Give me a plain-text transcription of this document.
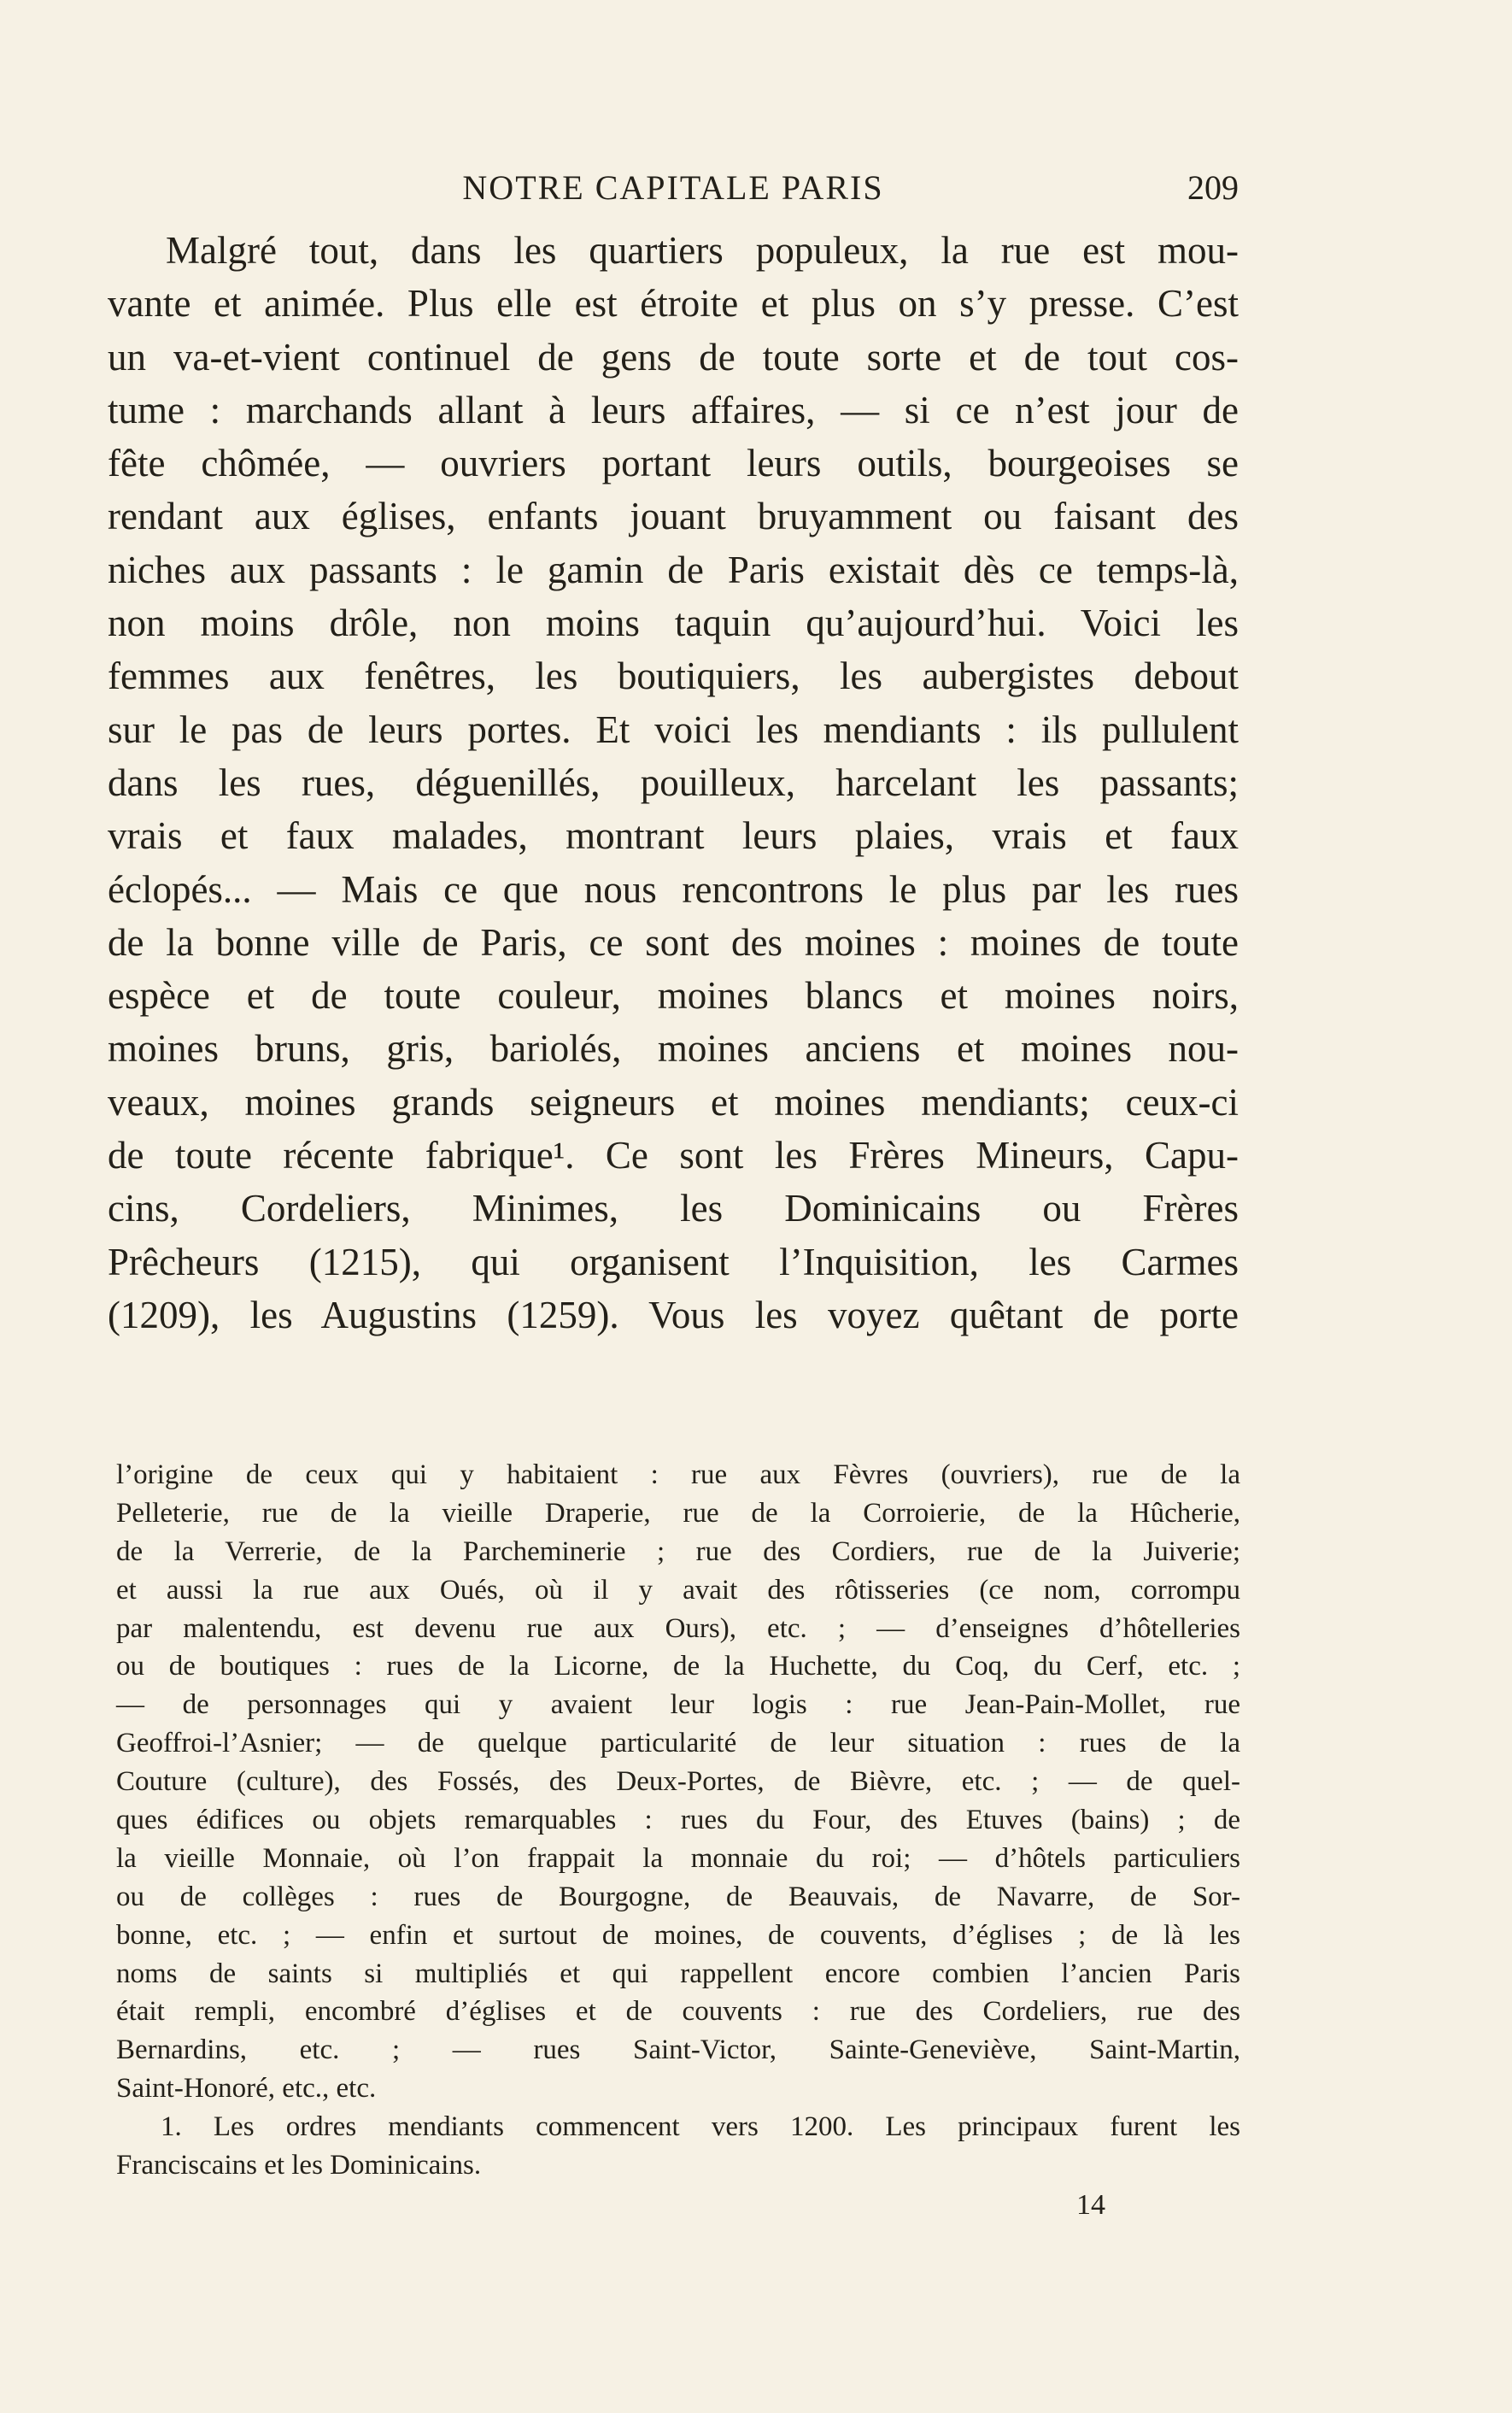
NOTRE CAPITALE PARIS	209
Malgré tout, dans les quartiers populeux, la rue est mou-
vante et animée. Plus elle est étroite et plus on s’y presse. C’est
un va-et-vient continuel de gens de toute sorte et de tout cos-
tume : marchands allant à leurs affaires, — si ce n’est jour de
fête chômée, — ouvriers portant leurs outils, bourgeoises se
rendant aux églises, enfants jouant bruyamment ou faisant des
niches aux passants : le gamin de Paris existait dès ce temps-là,
non moins drôle, non moins taquin qu’aujourd’hui. Voici les
femmes aux fenêtres, les boutiquiers, les aubergistes debout
sur le pas de leurs portes. Et voici les mendiants : ils pullulent
dans les rues, déguenillés, pouilleux, harcelant les passants;
vrais et faux malades, montrant leurs plaies, vrais et faux
éclopés... — Mais ce que nous rencontrons le plus par les rues
de la bonne ville de Paris, ce sont des moines : moines de toute
espèce et de toute couleur, moines blancs et moines noirs,
moines bruns, gris, bariolés, moines anciens et moines nou-
veaux, moines grands seigneurs et moines mendiants; ceux-ci
de toute récente fabrique¹. Ce sont les Frères Mineurs, Capu-
cins, Cordeliers, Minimes, les Dominicains ou Frères
Prêcheurs (1215), qui organisent l’Inquisition, les Carmes
(1209), les Augustins (1259). Vous les voyez quêtant de porte
l’origine de ceux qui y habitaient : rue aux Fèvres (ouvriers), rue de la
Pelleterie, rue de la vieille Draperie, rue de la Corroierie, de la Hûcherie,
de la Verrerie, de la Parcheminerie ; rue des Cordiers, rue de la Juiverie;
et aussi la rue aux Oués, où il y avait des rôtisseries (ce nom, corrompu
par malentendu, est devenu rue aux Ours), etc. ; — d’enseignes d’hôtelleries
ou de boutiques : rues de la Licorne, de la Huchette, du Coq, du Cerf, etc. ;
— de personnages qui y avaient leur logis : rue Jean-Pain-Mollet, rue
Geoffroi-l’Asnier; — de quelque particularité de leur situation : rues de la
Couture (culture), des Fossés, des Deux-Portes, de Bièvre, etc. ; — de quel-
ques édifices ou objets remarquables : rues du Four, des Etuves (bains) ; de
la vieille Monnaie, où l’on frappait la monnaie du roi; — d’hôtels particuliers
ou de collèges : rues de Bourgogne, de Beauvais, de Navarre, de Sor-
bonne, etc. ; — enfin et surtout de moines, de couvents, d’églises ; de là les
noms de saints si multipliés et qui rappellent encore combien l’ancien Paris
était rempli, encombré d’églises et de couvents : rue des Cordeliers, rue des
Bernardins, etc. ; — rues Saint-Victor, Sainte-Geneviève, Saint-Martin,
Saint-Honoré, etc., etc.
1. Les ordres mendiants commencent vers 1200. Les principaux furent les
Franciscains et les Dominicains.
14
